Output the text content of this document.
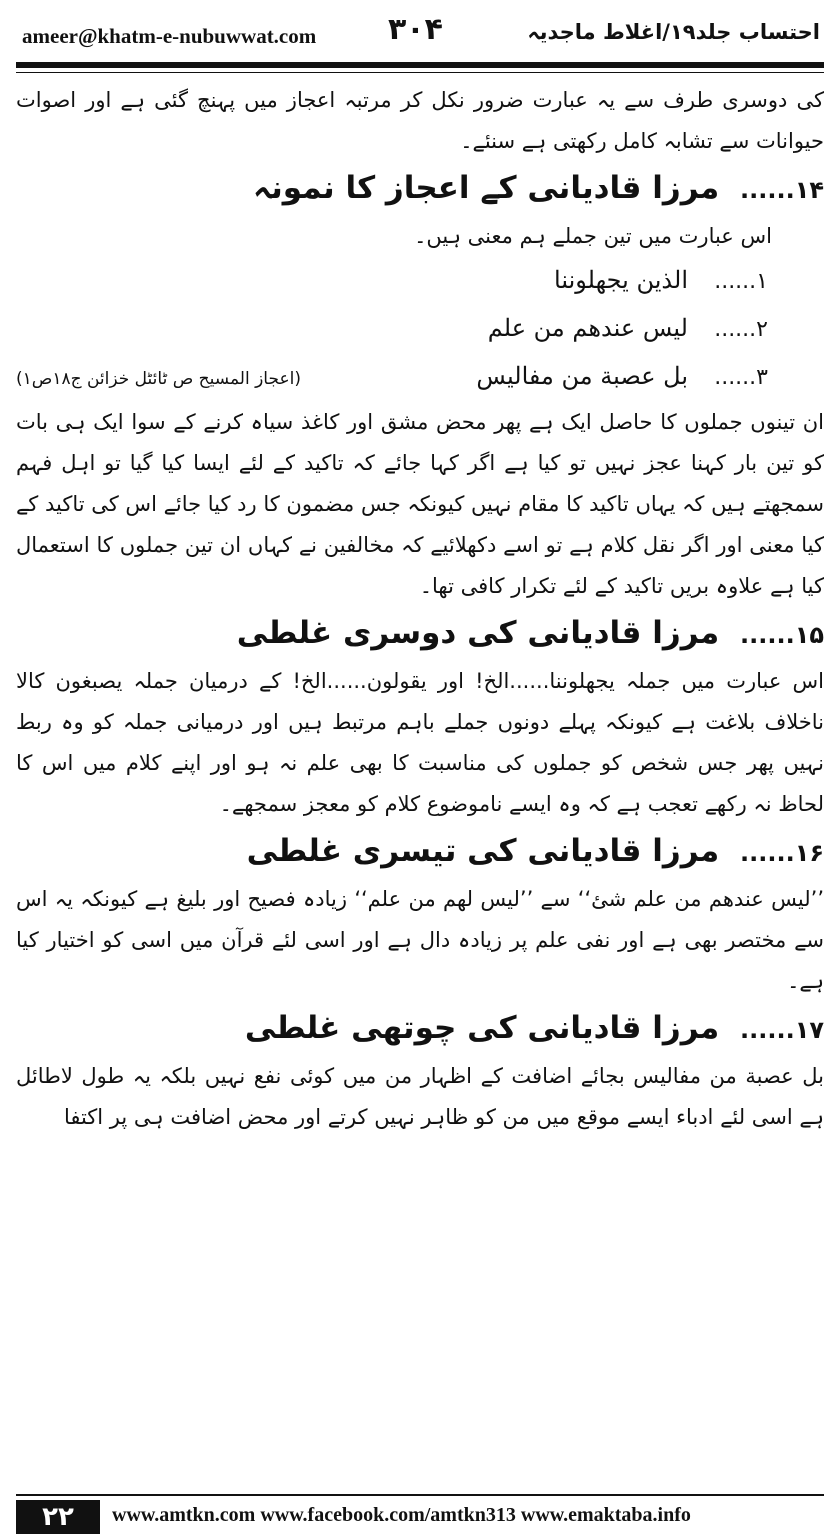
ameer@khatm-e-nubuwwat.com ۳۰۴	احتساب جلد۱۹/اغلاط ماجدیہ

کی دوسری طرف سے یہ عبارت ضرور نکل کر مرتبہ اعجاز میں پہنچ گئی ہے اور اصوات حیوانات سے تشابہ کامل رکھتی ہے سنئے۔

۱۴...... مرزا قادیانی کے اعجاز کا نمونہ

اس عبارت میں تین جملے ہم معنی ہیں۔

۱......
الذین یجهلوننا
۲......
لیس عندهم من علم
۳......
بل عصبة من مفالیس
(اعجاز المسیح ص ٹائٹل خزائن ج۱۸ص۱)

ان تینوں جملوں کا حاصل ایک ہے پھر محض مشق اور کاغذ سیاہ کرنے کے سوا ایک ہی بات کو تین بار کہنا عجز نہیں تو کیا ہے اگر کہا جائے کہ تاکید کے لئے ایسا کیا گیا تو اہل فہم سمجھتے ہیں کہ یہاں تاکید کا مقام نہیں کیونکہ جس مضمون کا رد کیا جائے اس کی تاکید کے کیا معنی اور اگر نقل کلام ہے تو اسے دکھلائیے کہ مخالفین نے کہاں ان تین جملوں کا استعمال کیا ہے علاوہ بریں تاکید کے لئے تکرار کافی تھا۔

۱۵...... مرزا قادیانی کی دوسری غلطی

اس عبارت میں جملہ یجهلوننا......الخ! اور یقولون......الخ! کے درمیان جملہ یصبغون کالا ناخلاف بلاغت ہے کیونکہ پہلے دونوں جملے باہم مرتبط ہیں اور درمیانی جملہ کو وہ ربط نہیں پھر جس شخص کو جملوں کی مناسبت کا بھی علم نہ ہو اور اپنے کلام میں اس کا لحاظ نہ رکھے تعجب ہے کہ وہ ایسے ناموضوع کلام کو معجز سمجھے۔

۱۶...... مرزا قادیانی کی تیسری غلطی

’’لیس عندهم من علم شئ‘‘ سے ’’لیس لهم من علم‘‘ زیادہ فصیح اور بلیغ ہے کیونکہ یہ اس سے مختصر بھی ہے اور نفی علم پر زیادہ دال ہے اور اسی لئے قرآن میں اسی کو اختیار کیا ہے۔

۱۷...... مرزا قادیانی کی چوتھی غلطی

بل عصبة من مفالیس بجائے اضافت کے اظہار من میں کوئی نفع نہیں بلکہ یہ طول لاطائل ہے اسی لئے ادباء ایسے موقع میں من کو ظاہر نہیں کرتے اور محض اضافت ہی پر اکتفا

۲۲	www.amtkn.com www.facebook.com/amtkn313 www.emaktaba.info
